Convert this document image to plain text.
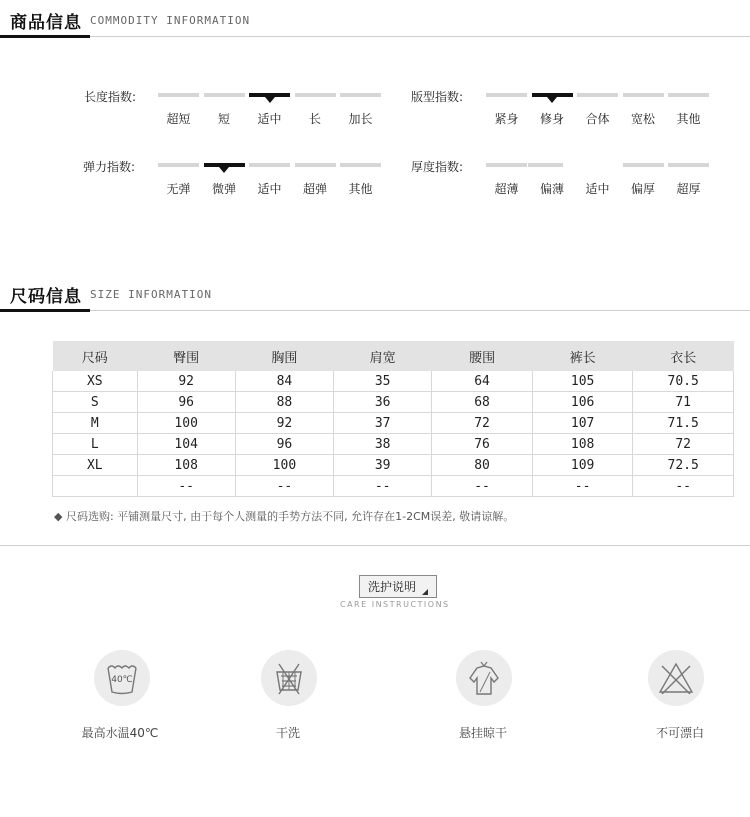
商品信息 COMMODITY INFORMATION
长度指数:
超短	短	适中	长	加长
版型指数:
紧身	修身	合体	宽松	其他
弹力指数:
无弹	微弹	适中	超弹	其他
厚度指数:
超薄	偏薄	适中	偏厚	超厚
尺码信息 SIZE INFORMATION
尺码	臀围	胸围	肩宽	腰围	裤长	衣长
XS	92	84	35	64	105	70.5
S	96	88	36	68	106	71
M	100	92	37	72	107	71.5
L	104	96	38	76	108	72
XL	108	100	39	80	109	72.5
	--	--	--	--	--	--
◆ 尺码选购: 平铺测量尺寸, 由于每个人测量的手势方法不同, 允许存在1-2CM误差, 敬请谅解。
洗护说明
CARE INSTRUCTIONS
40℃
最高水温40℃	干洗	悬挂晾干	不可漂白
